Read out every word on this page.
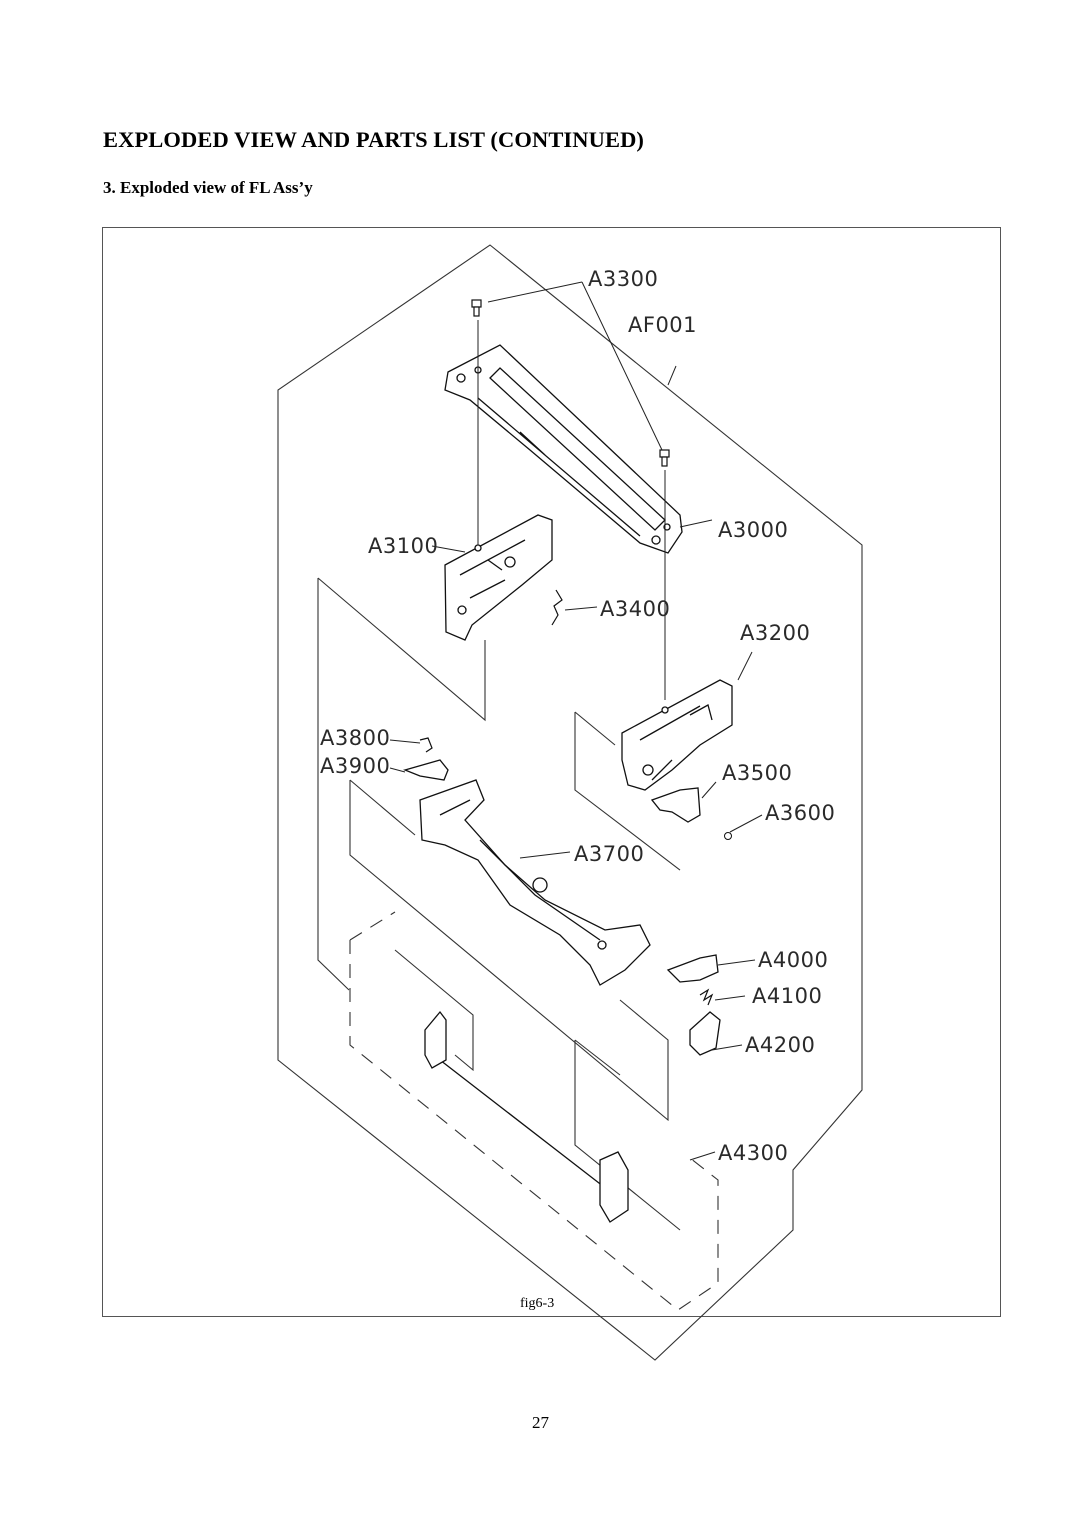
EXPLODED VIEW AND PARTS LIST (CONTINUED)
3. Exploded view of FL Ass’y
A3300
AF001
A3000
A3100
A3400
A3200
A3800
A3900	A3500
A3600
A3700
A4000
A4100
A4200
A4300
fig6-3
27
